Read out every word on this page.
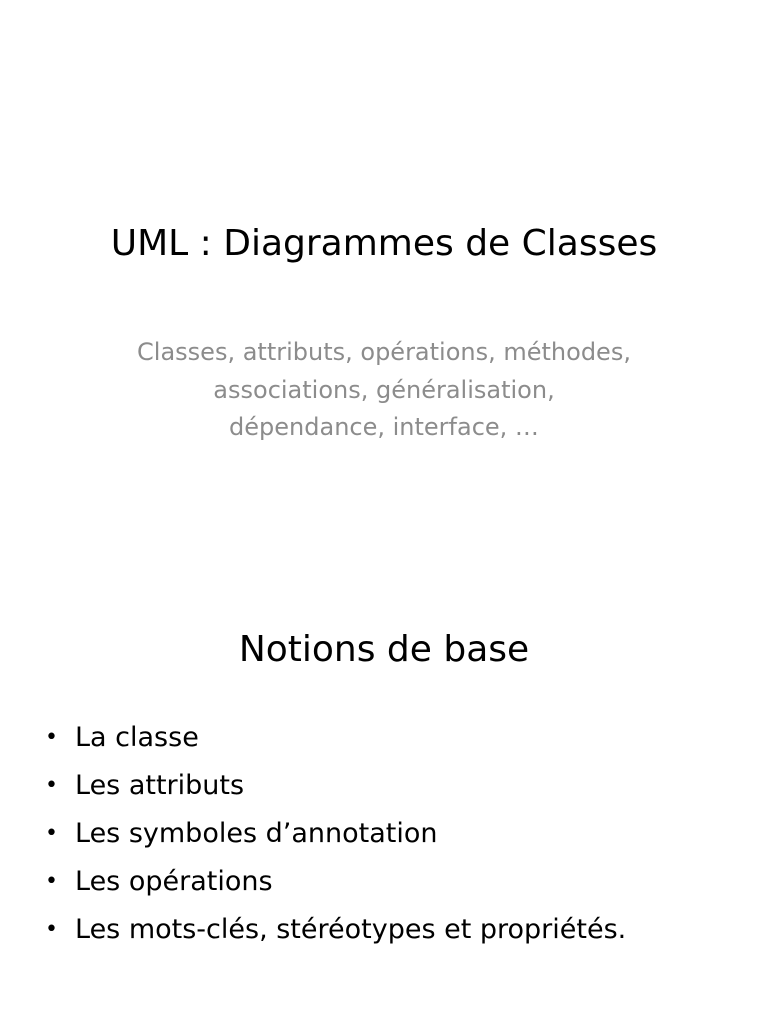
UML : Diagrammes de Classes
Classes, attributs, opérations, méthodes,
associations, généralisation,
dépendance, interface, …
Notions de base
• La classe
• Les attributs
• Les symboles d’annotation
• Les opérations
• Les mots-clés, stéréotypes et propriétés.
